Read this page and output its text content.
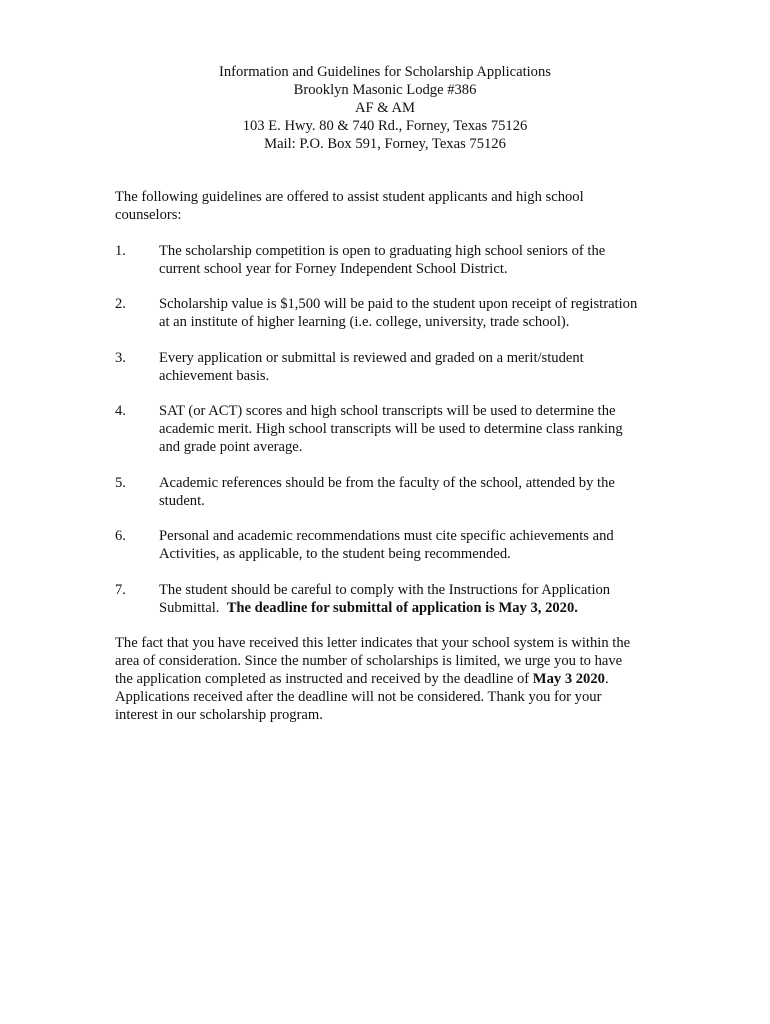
Information and Guidelines for Scholarship Applications
Brooklyn Masonic Lodge #386
AF & AM
103 E. Hwy. 80 & 740 Rd., Forney, Texas 75126
Mail: P.O. Box 591, Forney, Texas 75126
The following guidelines are offered to assist student applicants and high school
counselors:
1.	The scholarship competition is open to graduating high school seniors of the
current school year for Forney Independent School District.
2.	Scholarship value is $1,500 will be paid to the student upon receipt of registration
at an institute of higher learning (i.e. college, university, trade school).
3.	Every application or submittal is reviewed and graded on a merit/student
achievement basis.
4.	SAT (or ACT) scores and high school transcripts will be used to determine the
academic merit. High school transcripts will be used to determine class ranking
and grade point average.
5.	Academic references should be from the faculty of the school, attended by the
student.
6.	Personal and academic recommendations must cite specific achievements and
Activities, as applicable, to the student being recommended.
7.	The student should be careful to comply with the Instructions for Application
Submittal.  The deadline for submittal of application is May 3, 2020.
The fact that you have received this letter indicates that your school system is within the
area of consideration. Since the number of scholarships is limited, we urge you to have
the application completed as instructed and received by the deadline of May 3 2020.
Applications received after the deadline will not be considered. Thank you for your
interest in our scholarship program.
